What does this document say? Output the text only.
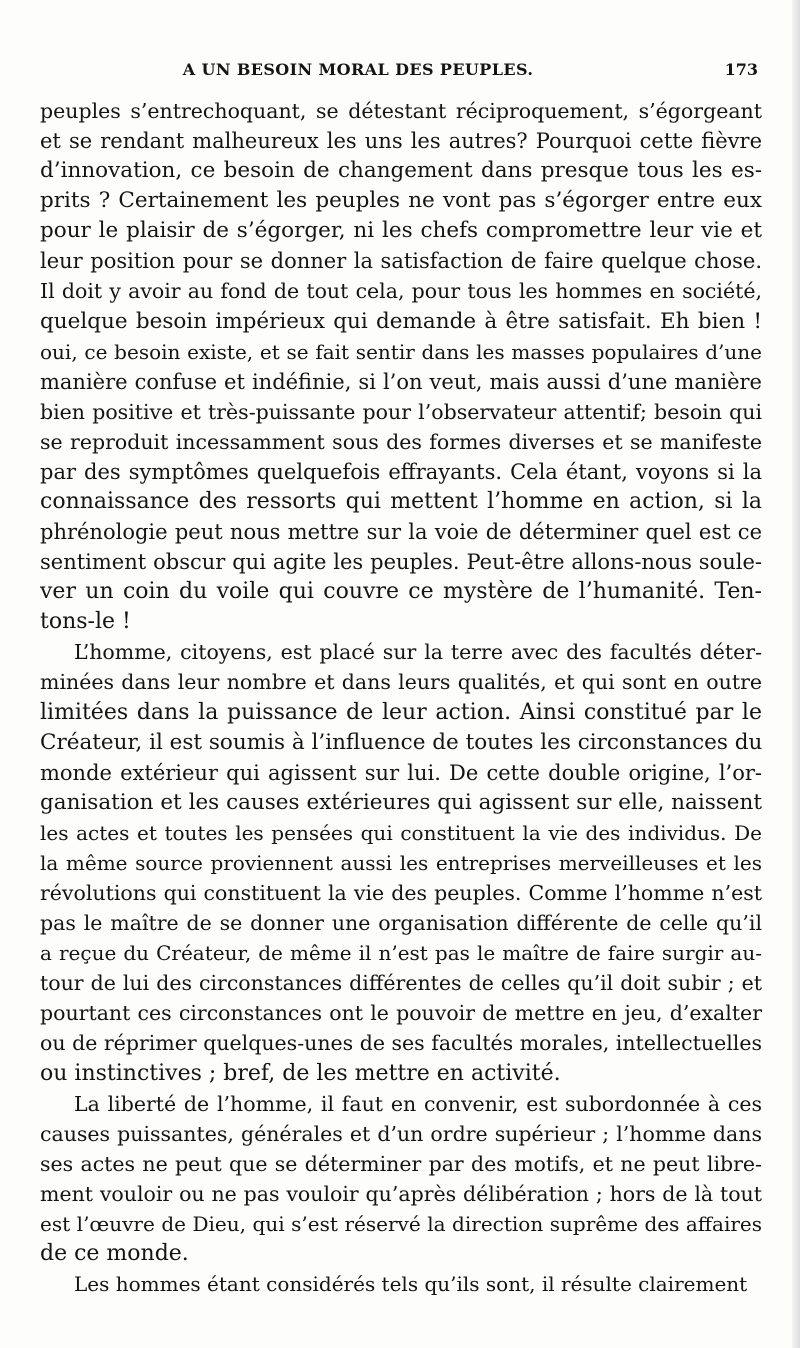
A UN BESOIN MORAL DES PEUPLES.	173
peuples s’entrechoquant, se détestant réciproquement, s’égorgeant
et se rendant malheureux les uns les autres? Pourquoi cette fièvre
d’innovation, ce besoin de changement dans presque tous les es-
prits ? Certainement les peuples ne vont pas s’égorger entre eux
pour le plaisir de s’égorger, ni les chefs compromettre leur vie et
leur position pour se donner la satisfaction de faire quelque chose.
Il doit y avoir au fond de tout cela, pour tous les hommes en société,
quelque besoin impérieux qui demande à être satisfait. Eh bien !
oui, ce besoin existe, et se fait sentir dans les masses populaires d’une
manière confuse et indéfinie, si l’on veut, mais aussi d’une manière
bien positive et très-puissante pour l’observateur attentif; besoin qui
se reproduit incessamment sous des formes diverses et se manifeste
par des symptômes quelquefois effrayants. Cela étant, voyons si la
connaissance des ressorts qui mettent l’homme en action, si la
phrénologie peut nous mettre sur la voie de déterminer quel est ce
sentiment obscur qui agite les peuples. Peut-être allons-nous soule-
ver un coin du voile qui couvre ce mystère de l’humanité. Ten-
tons-le !
L’homme, citoyens, est placé sur la terre avec des facultés déter-
minées dans leur nombre et dans leurs qualités, et qui sont en outre
limitées dans la puissance de leur action. Ainsi constitué par le
Créateur, il est soumis à l’influence de toutes les circonstances du
monde extérieur qui agissent sur lui. De cette double origine, l’or-
ganisation et les causes extérieures qui agissent sur elle, naissent
les actes et toutes les pensées qui constituent la vie des individus. De
la même source proviennent aussi les entreprises merveilleuses et les
révolutions qui constituent la vie des peuples. Comme l’homme n’est
pas le maître de se donner une organisation différente de celle qu’il
a reçue du Créateur, de même il n’est pas le maître de faire surgir au-
tour de lui des circonstances différentes de celles qu’il doit subir ; et
pourtant ces circonstances ont le pouvoir de mettre en jeu, d’exalter
ou de réprimer quelques-unes de ses facultés morales, intellectuelles
ou instinctives ; bref, de les mettre en activité.
La liberté de l’homme, il faut en convenir, est subordonnée à ces
causes puissantes, générales et d’un ordre supérieur ; l’homme dans
ses actes ne peut que se déterminer par des motifs, et ne peut libre-
ment vouloir ou ne pas vouloir qu’après délibération ; hors de là tout
est l’œuvre de Dieu, qui s’est réservé la direction suprême des affaires
de ce monde.
Les hommes étant considérés tels qu’ils sont, il résulte clairement
